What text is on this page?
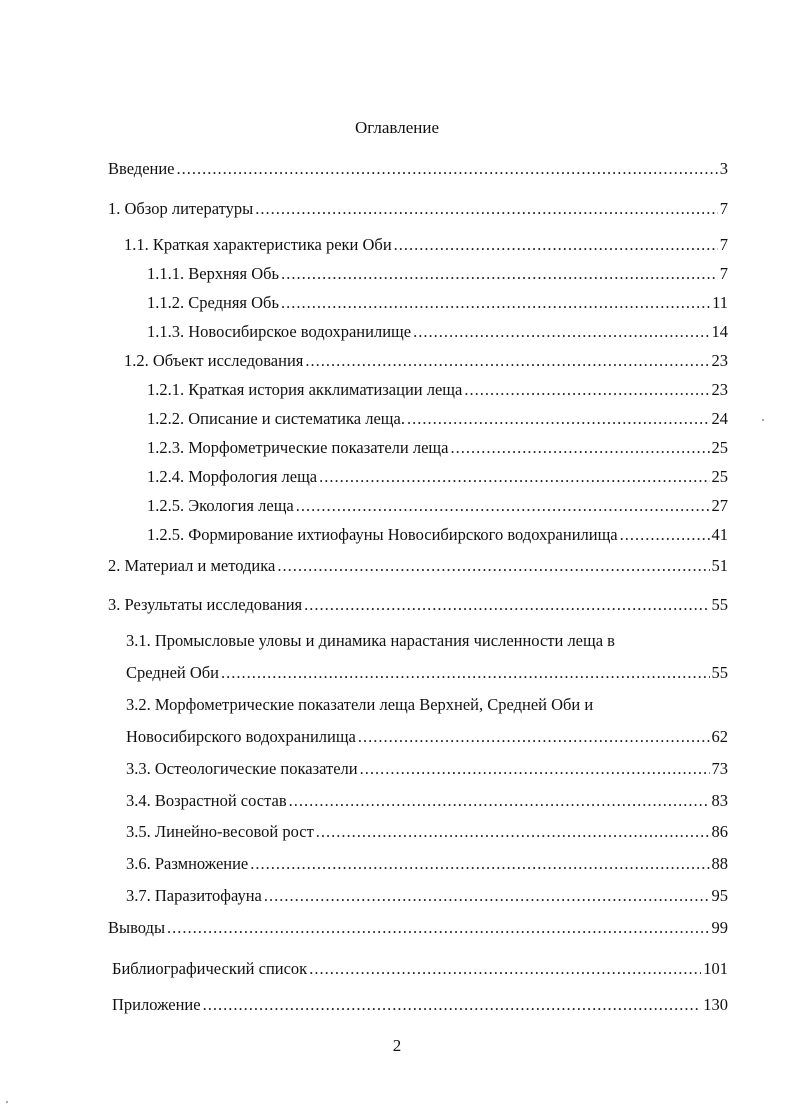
Оглавление
Введение .....	3
1. Обзор литературы .....	7
1.1. Краткая характеристика реки Оби .....	7
1.1.1. Верхняя Обь .....	7
1.1.2. Средняя Обь .....	11
1.1.3. Новосибирское водохранилище .....	14
1.2. Объект исследования .....	23
1.2.1. Краткая история акклиматизации леща .....	23
1.2.2. Описание и систематика леща. .....	24
1.2.3. Морфометрические показатели леща .....	25
1.2.4. Морфология леща .....	25
1.2.5. Экология леща .....	27
1.2.5. Формирование ихтиофауны Новосибирского водохранилища .....	41
2. Материал и методика .....	51
3. Результаты исследования .....	55
3.1. Промысловые уловы и динамика нарастания численности леща в
Средней Оби .....	55
3.2. Морфометрические показатели леща Верхней, Средней Оби и
Новосибирского водохранилища .....	62
3.3. Остеологические показатели .....	73
3.4. Возрастной состав .....	83
3.5. Линейно-весовой рост .....	86
3.6. Размножение .....	88
3.7. Паразитофауна .....	95
Выводы .....	99
Библиографический список .....	101
Приложение .....	130
2
